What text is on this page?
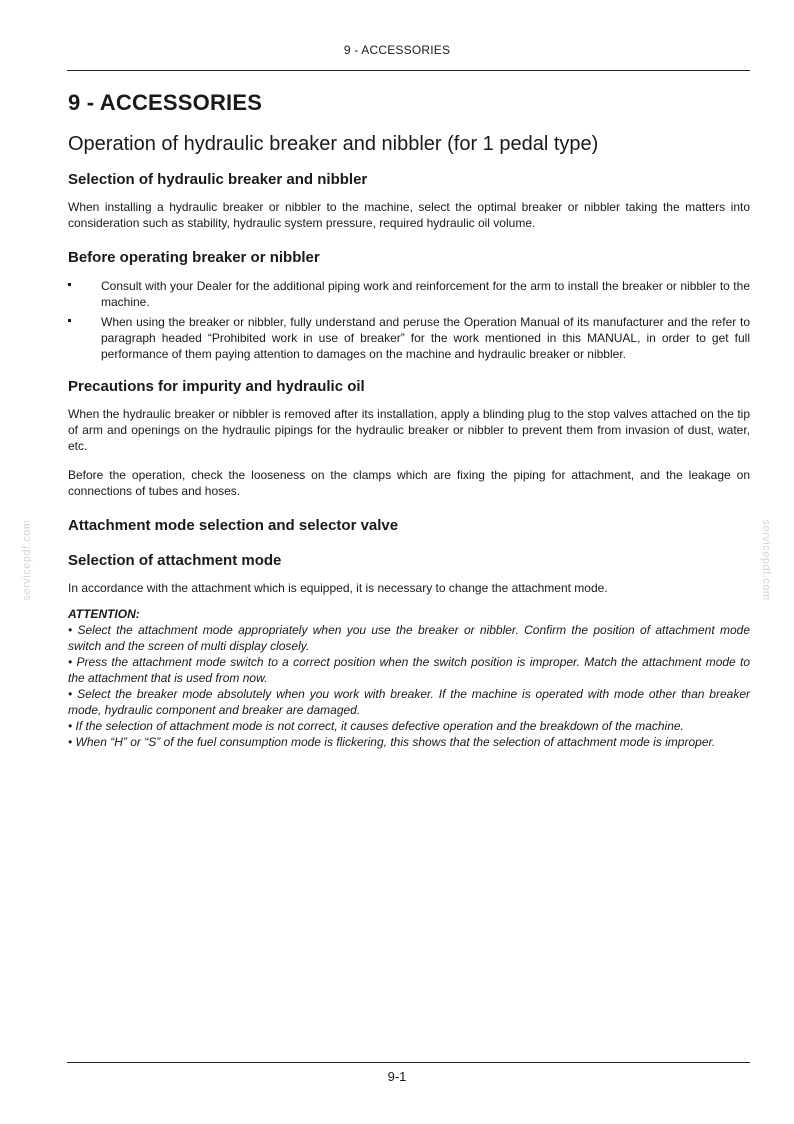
9 - ACCESSORIES
servicepdf.com	servicepdf.com
9 - ACCESSORIES
Operation of hydraulic breaker and nibbler (for 1 pedal type)
Selection of hydraulic breaker and nibbler

When installing a hydraulic breaker or nibbler to the machine, select the optimal breaker or nibbler taking the matters into consideration such as stability, hydraulic system pressure, required hydraulic oil volume.

Before operating breaker or nibbler
Consult with your Dealer for the additional piping work and reinforcement for the arm to install the breaker or nibbler to the machine.
When using the breaker or nibbler, fully understand and peruse the Operation Manual of its manufacturer and the refer to paragraph headed “Prohibited work in use of breaker” for the work mentioned in this MANUAL, in order to get full performance of them paying attention to damages on the machine and hydraulic breaker or nibbler.
Precautions for impurity and hydraulic oil

When the hydraulic breaker or nibbler is removed after its installation, apply a blinding plug to the stop valves attached on the tip of arm and openings on the hydraulic pipings for the hydraulic breaker or nibbler to prevent them from invasion of dust, water, etc.

Before the operation, check the looseness on the clamps which are fixing the piping for attachment, and the leakage on connections of tubes and hoses.

Attachment mode selection and selector valve
Selection of attachment mode

In accordance with the attachment which is equipped, it is necessary to change the attachment mode.

ATTENTION:
• Select the attachment mode appropriately when you use the breaker or nibbler. Confirm the position of attachment mode switch and the screen of multi display closely.
• Press the attachment mode switch to a correct position when the switch position is improper. Match the attachment mode to the attachment that is used from now.
• Select the breaker mode absolutely when you work with breaker. If the machine is operated with mode other than breaker mode, hydraulic component and breaker are damaged.
• If the selection of attachment mode is not correct, it causes defective operation and the breakdown of the machine.
• When “H” or “S” of the fuel consumption mode is flickering, this shows that the selection of attachment mode is improper.
9-1
